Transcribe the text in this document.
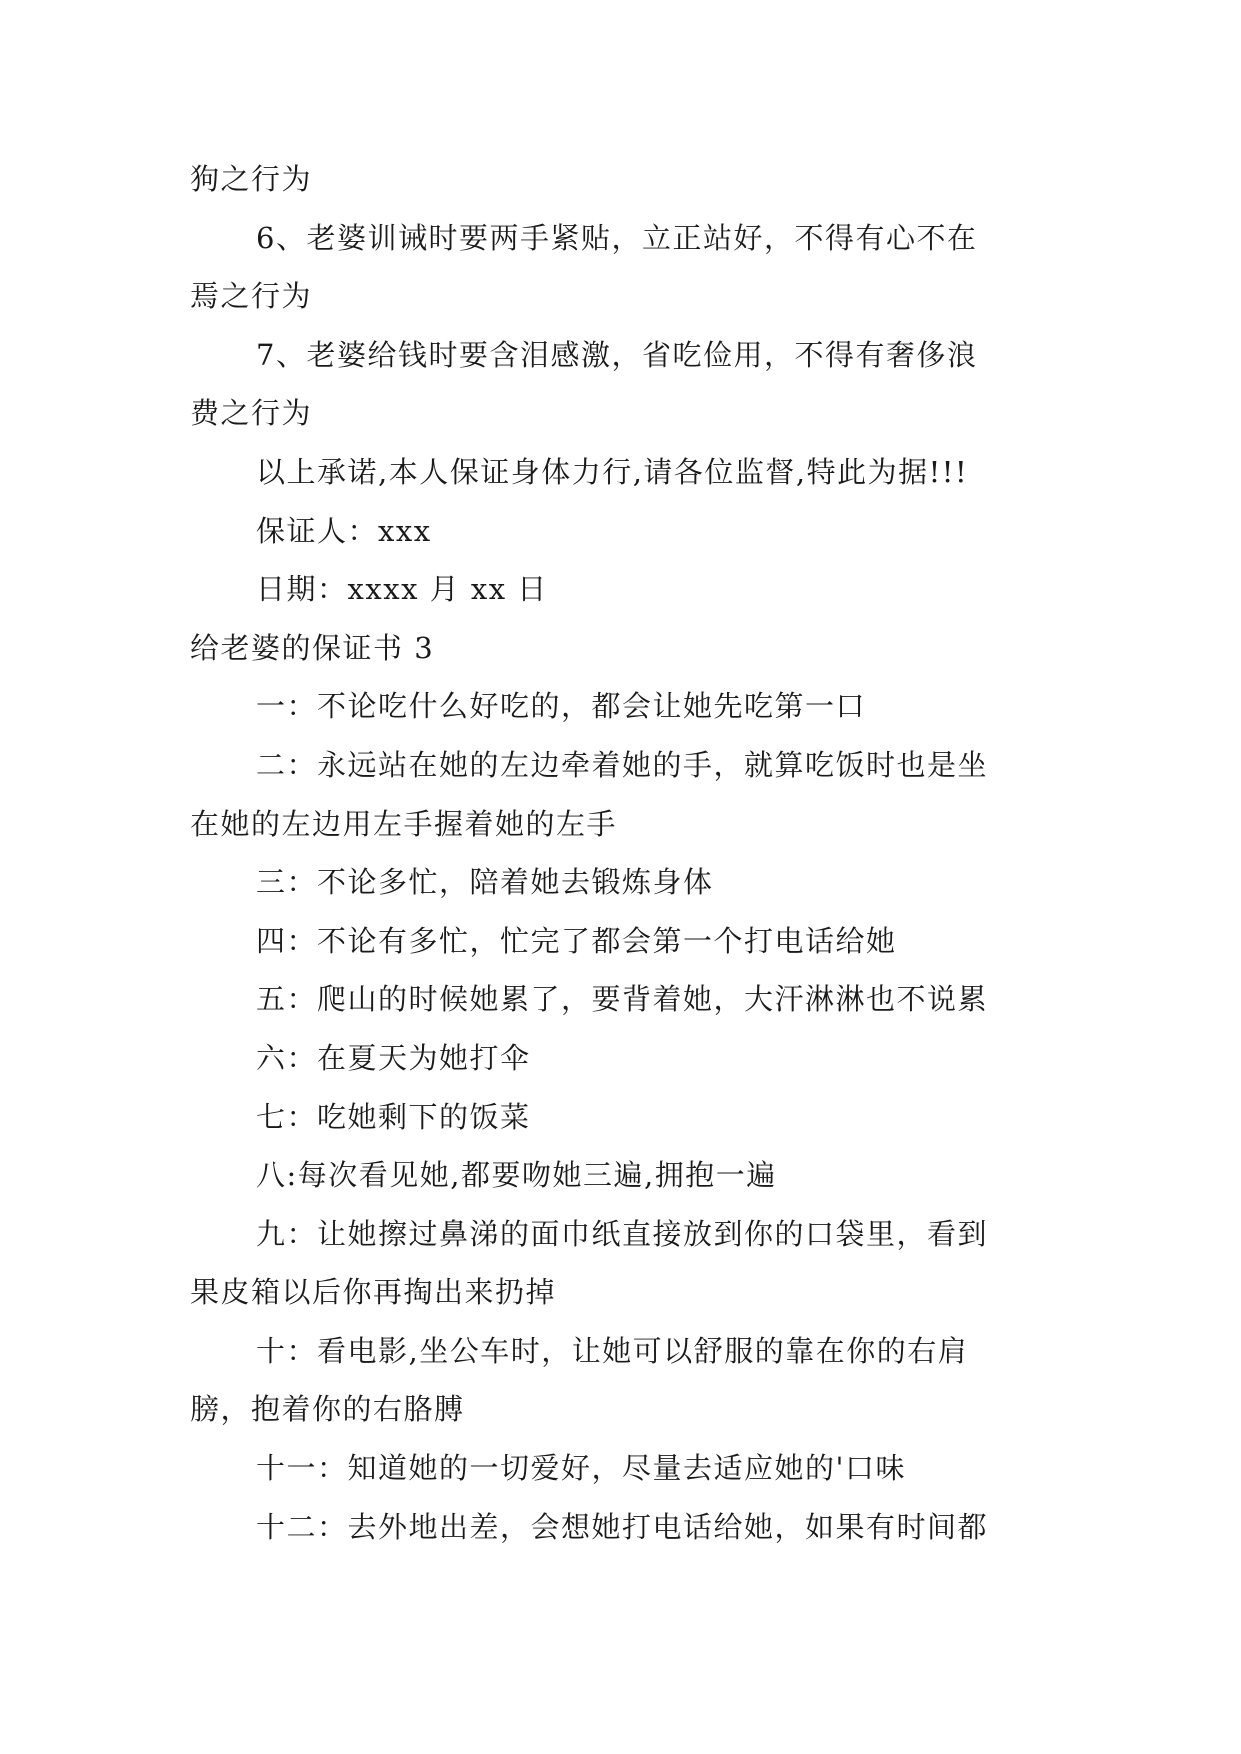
狗之行为
6、老婆训诫时要两手紧贴，立正站好，不得有心不在
焉之行为
7、老婆给钱时要含泪感激，省吃俭用，不得有奢侈浪
费之行为
以上承诺,本人保证身体力行,请各位监督,特此为据!!!
保证人：xxx
日期：xxxx 月 xx 日
给老婆的保证书 3
一：不论吃什么好吃的，都会让她先吃第一口
二：永远站在她的左边牵着她的手，就算吃饭时也是坐
在她的左边用左手握着她的左手
三：不论多忙，陪着她去锻炼身体
四：不论有多忙，忙完了都会第一个打电话给她
五：爬山的时候她累了，要背着她，大汗淋淋也不说累
六：在夏天为她打伞
七：吃她剩下的饭菜
八:每次看见她,都要吻她三遍,拥抱一遍
九：让她擦过鼻涕的面巾纸直接放到你的口袋里，看到
果皮箱以后你再掏出来扔掉
十：看电影,坐公车时，让她可以舒服的靠在你的右肩
膀，抱着你的右胳膊
十一：知道她的一切爱好，尽量去适应她的'口味
十二：去外地出差，会想她打电话给她，如果有时间都
